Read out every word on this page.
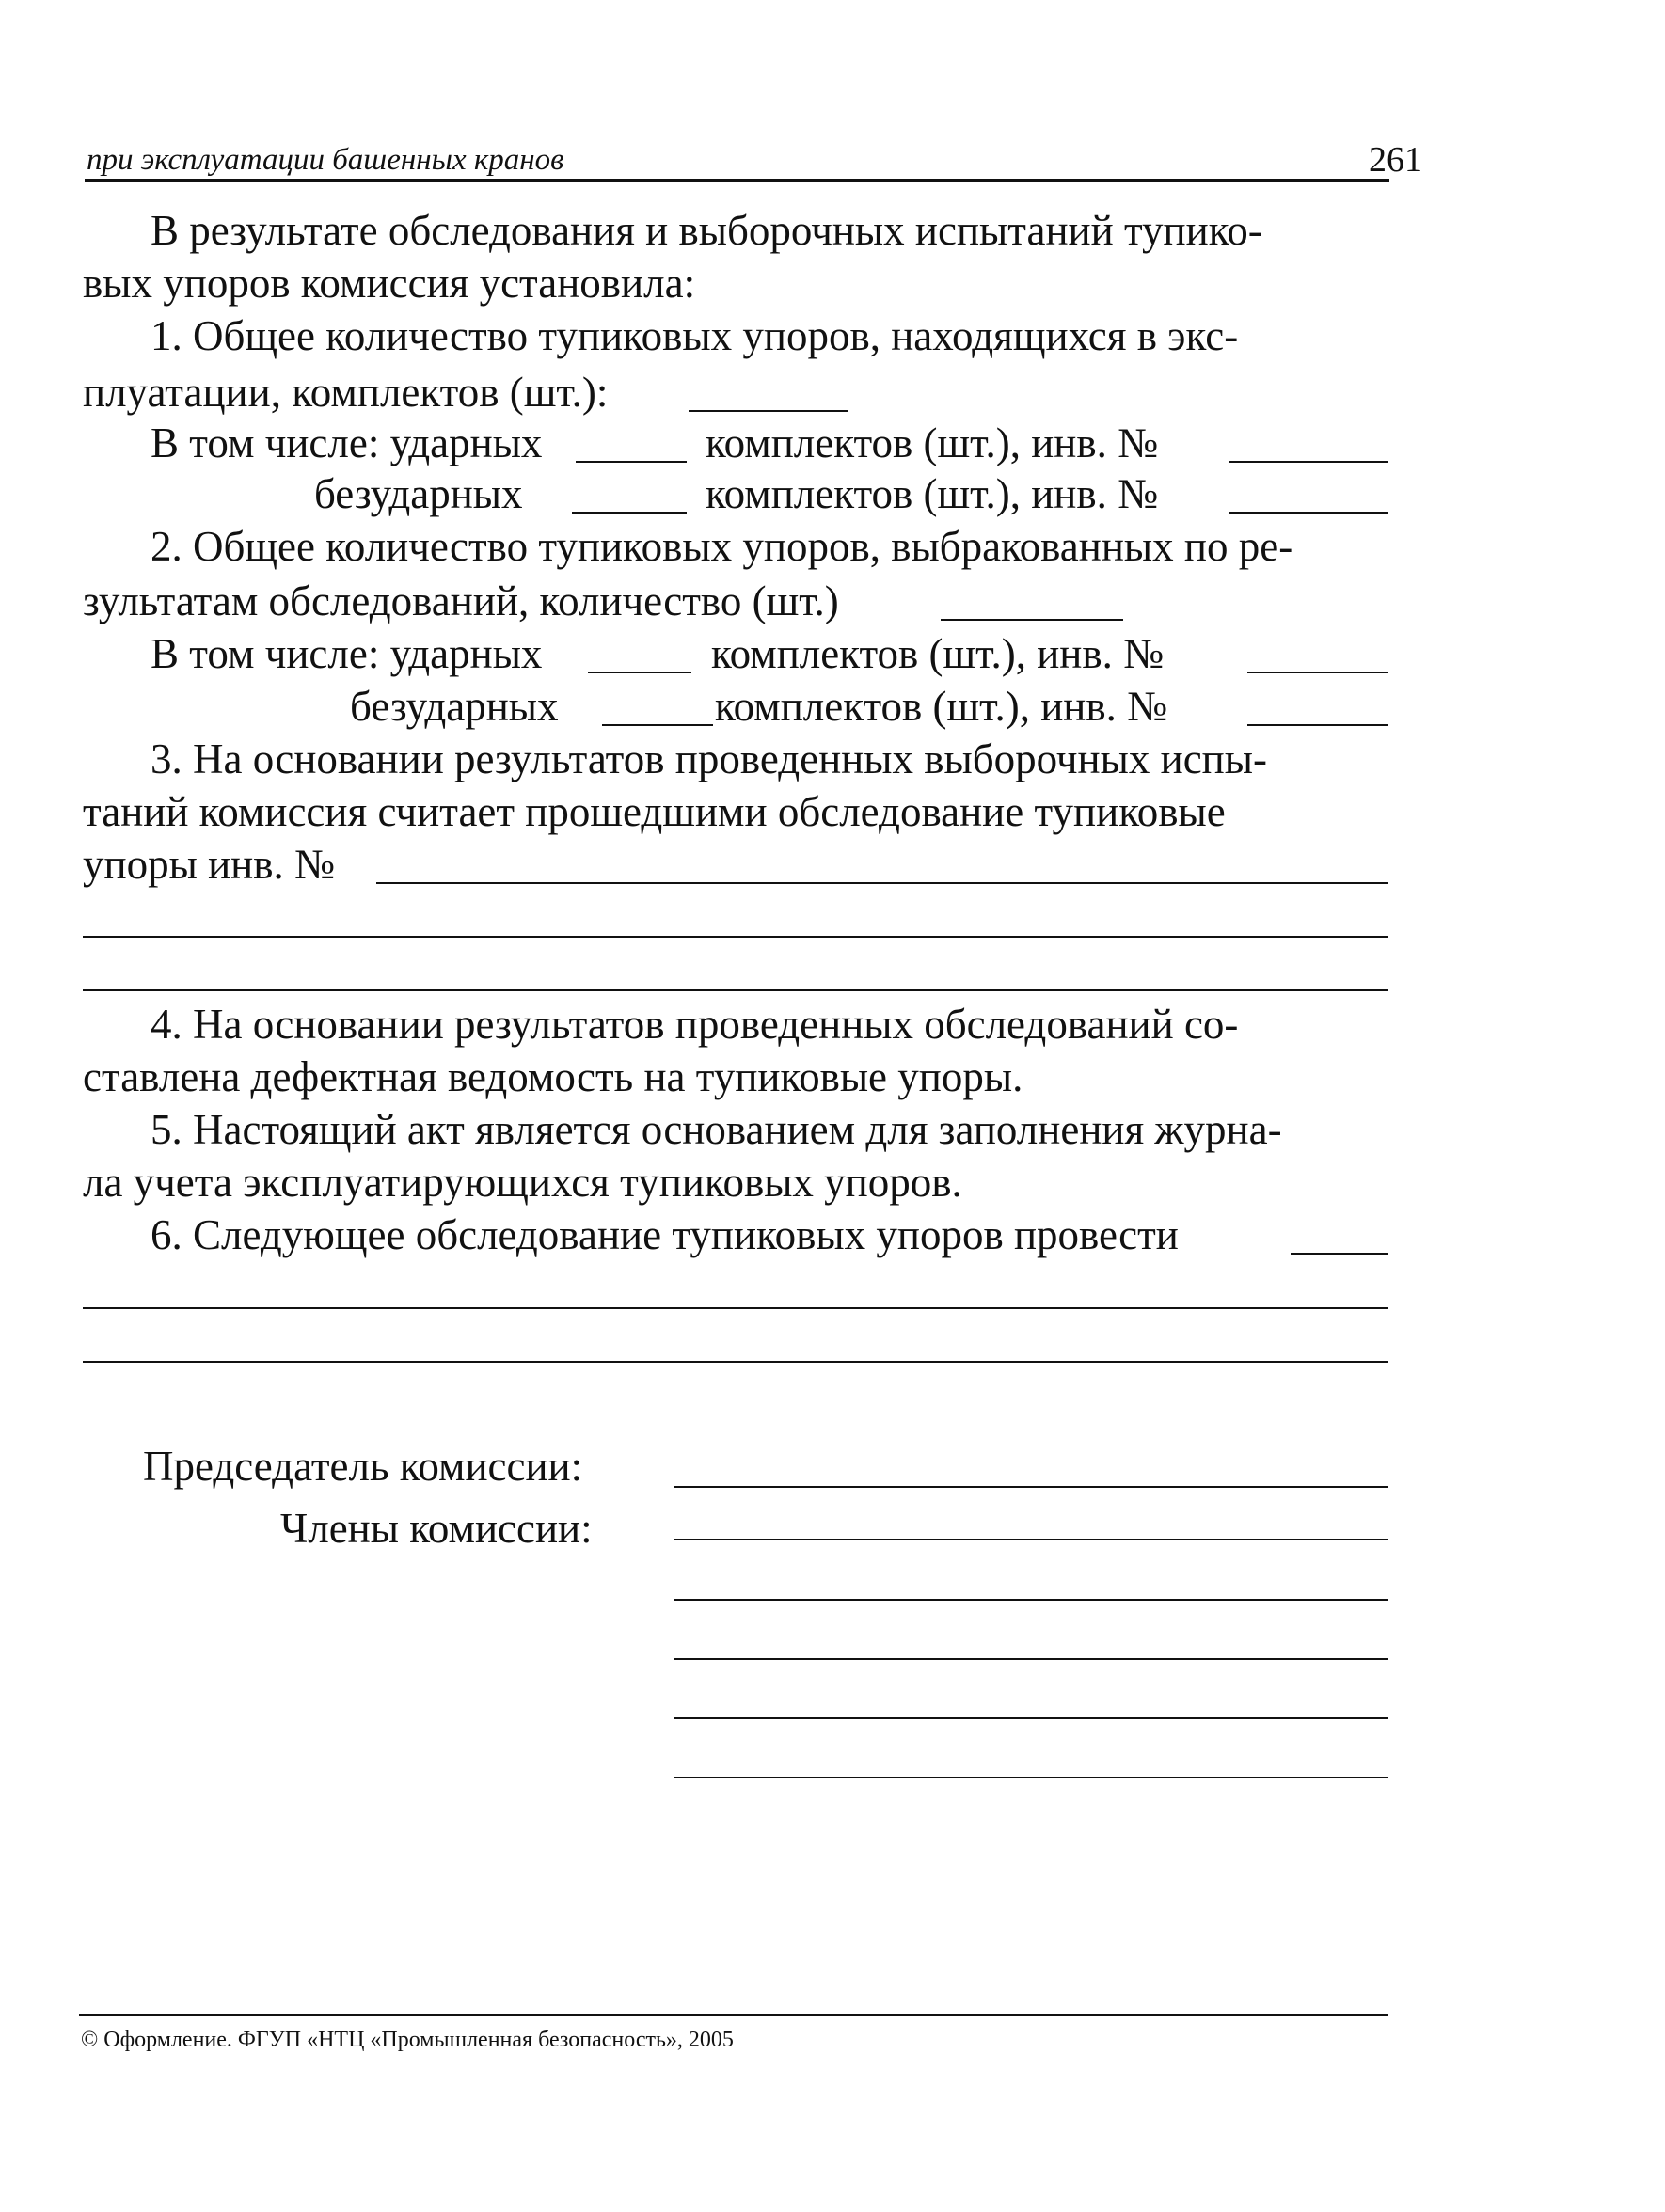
при эксплуатации башенных кранов	261
В результате обследования и выборочных испытаний тупико-
вых упоров комиссия установила:
1. Общее количество тупиковых упоров, находящихся в экс-
плуатации, комплектов (шт.):
В том числе: ударных	комплектов (шт.), инв. №
безударных	комплектов (шт.), инв. №
2. Общее количество тупиковых упоров, выбракованных по ре-
зультатам обследований, количество (шт.)
В том числе: ударных	комплектов (шт.), инв. №
безударных	комплектов (шт.), инв. №
3. На основании результатов проведенных выборочных испы-
таний комиссия считает прошедшими обследование тупиковые
упоры инв. №
4. На основании результатов проведенных обследований со-
ставлена дефектная ведомость на тупиковые упоры.
5. Настоящий акт является основанием для заполнения журна-
ла учета эксплуатирующихся тупиковых упоров.
6. Следующее обследование тупиковых упоров провести
Председатель комиссии:
Члены комиссии:
© Оформление. ФГУП «НТЦ «Промышленная безопасность», 2005
